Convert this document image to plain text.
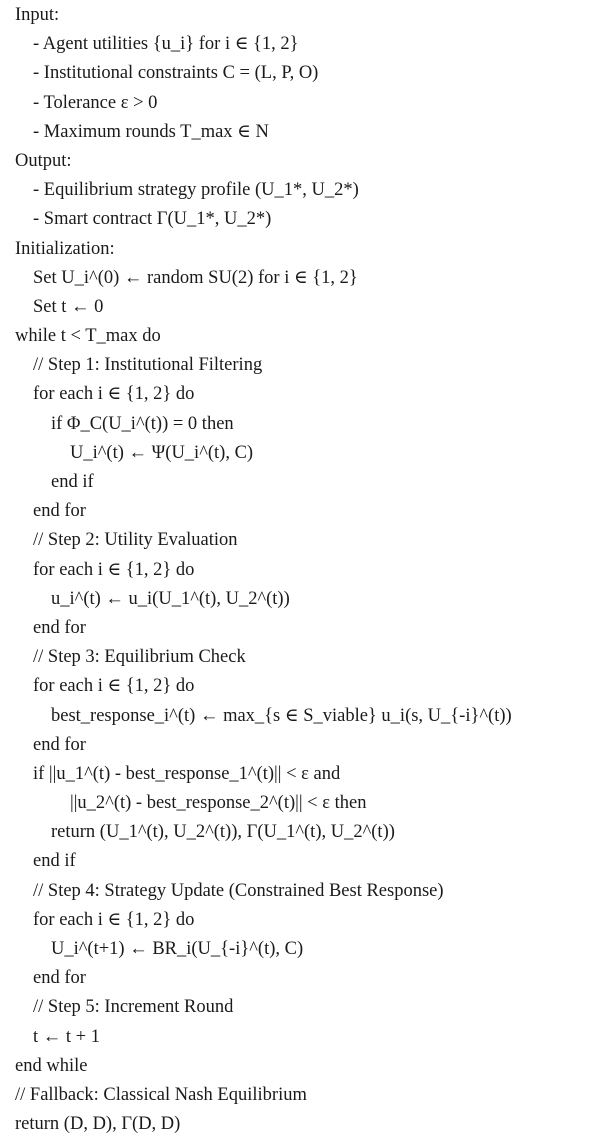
Input:
- Agent utilities {u_i} for i ∈ {1, 2}
- Institutional constraints C = (L, P, O)
- Tolerance ε > 0
- Maximum rounds T_max ∈ N
Output:
- Equilibrium strategy profile (U_1*, U_2*)
- Smart contract Γ(U_1*, U_2*)
Initialization:
Set U_i^(0) ← random SU(2) for i ∈ {1, 2}
Set t ← 0
while t < T_max do
// Step 1: Institutional Filtering
for each i ∈ {1, 2} do
if Φ_C(U_i^(t)) = 0 then
U_i^(t) ← Ψ(U_i^(t), C)
end if
end for
// Step 2: Utility Evaluation
for each i ∈ {1, 2} do
u_i^(t) ← u_i(U_1^(t), U_2^(t))
end for
// Step 3: Equilibrium Check
for each i ∈ {1, 2} do
best_response_i^(t) ← max_{s ∈ S_viable} u_i(s, U_{-i}^(t))
end for
if ||u_1^(t) - best_response_1^(t)|| < ε and
||u_2^(t) - best_response_2^(t)|| < ε then
return (U_1^(t), U_2^(t)), Γ(U_1^(t), U_2^(t))
end if
// Step 4: Strategy Update (Constrained Best Response)
for each i ∈ {1, 2} do
U_i^(t+1) ← BR_i(U_{-i}^(t), C)
end for
// Step 5: Increment Round
t ← t + 1
end while
// Fallback: Classical Nash Equilibrium
return (D, D), Γ(D, D)
